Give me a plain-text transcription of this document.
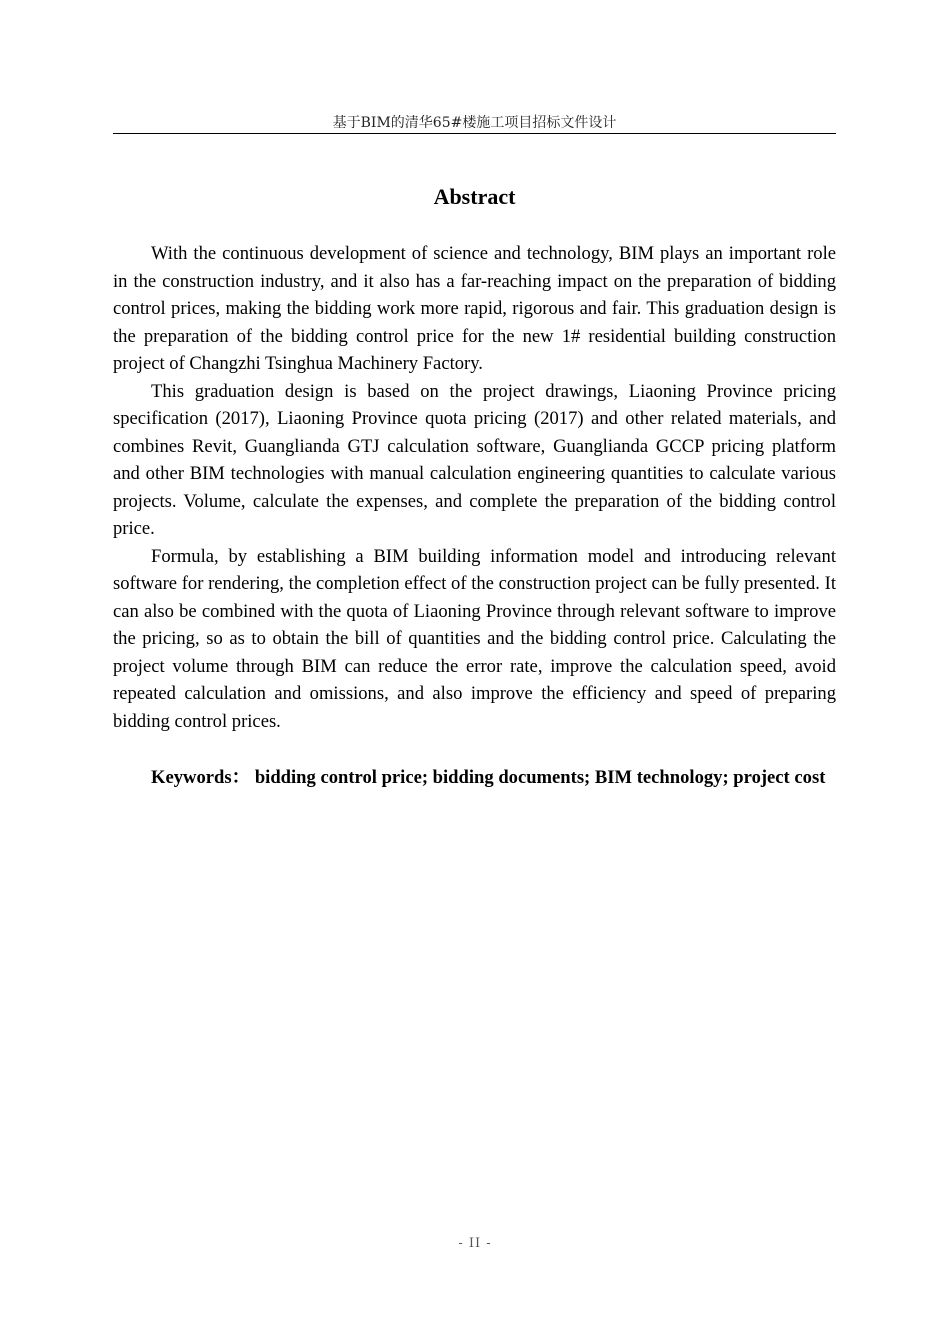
基于BIM的清华65#楼施工项目招标文件设计
Abstract

With the continuous development of science and technology, BIM plays an important role in the construction industry, and it also has a far-reaching impact on the preparation of bidding control prices, making the bidding work more rapid, rigorous and fair. This graduation design is the preparation of the bidding control price for the new 1# residential building construction project of Changzhi Tsinghua Machinery Factory.

This graduation design is based on the project drawings, Liaoning Province pricing specification (2017), Liaoning Province quota pricing (2017) and other related materials, and combines Revit, Guanglianda GTJ calculation software, Guanglianda GCCP pricing platform and other BIM technologies with manual calculation engineering quantities to calculate various projects. Volume, calculate the expenses, and complete the preparation of the bidding control price.

Formula, by establishing a BIM building information model and introducing relevant software for rendering, the completion effect of the construction project can be fully presented. It can also be combined with the quota of Liaoning Province through relevant software to improve the pricing, so as to obtain the bill of quantities and the bidding control price. Calculating the project volume through BIM can reduce the error rate, improve the calculation speed, avoid repeated calculation and omissions, and also improve the efficiency and speed of preparing bidding control prices.

Keywords： bidding control price; bidding documents; BIM technology; project cost
- II -
